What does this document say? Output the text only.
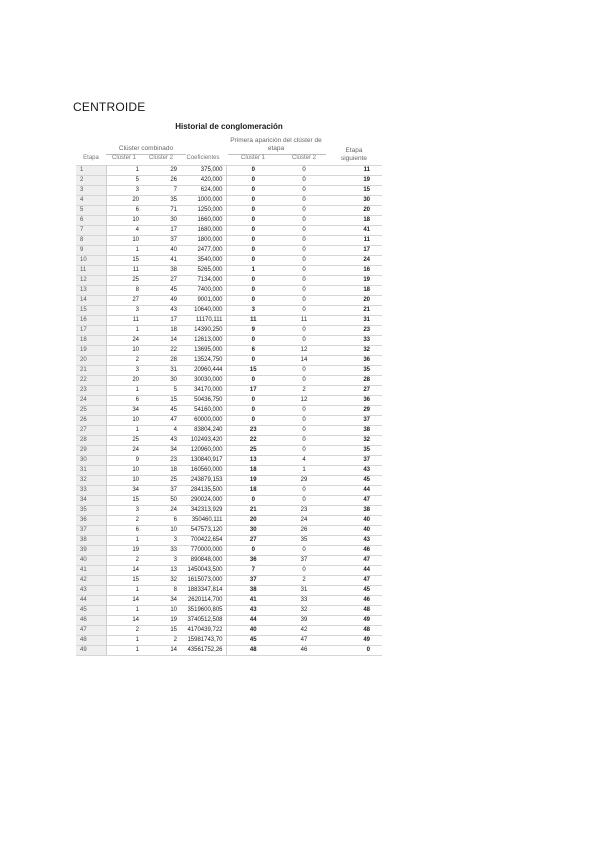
CENTROIDE
Historial de conglomeración
Clúster combinado
Primera aparición del clúster de etapa	Etapa siguiente
Etapa	Clúster 1	Clúster 2	Coeficientes	Clúster 1	Clúster 2
1	1	29	375,000	0	0	11
2	5	26	420,000	0	0	19
3	3	7	624,000	0	0	15
4	20	35	1000,000	0	0	30
5	6	71	1250,000	0	0	20
6	10	30	1660,000	0	0	18
7	4	17	1680,000	0	0	41
8	10	37	1800,000	0	0	11
9	1	40	2477,000	0	0	17
10	15	41	3540,000	0	0	24
11	11	38	5265,000	1	0	16
12	25	27	7134,000	0	0	19
13	8	45	7400,000	0	0	18
14	27	49	9001,000	0	0	20
15	3	43	10640,000	3	0	21
16	11	17	11170,111	11	11	31
17	1	18	14390,250	9	0	23
18	24	14	12613,000	0	0	33
19	10	22	13695,000	6	12	32
20	2	28	13524,750	0	14	36
21	3	31	20960,444	15	0	35
22	20	30	30030,000	0	0	28
23	1	5	34170,000	17	2	27
24	6	15	50436,750	0	12	36
25	34	45	54160,000	0	0	29
26	10	47	60000,000	0	0	37
27	1	4	83804,240	23	0	38
28	25	43	102493,420	22	0	32
29	24	34	120960,000	25	0	35
30	9	23	130840,917	13	4	37
31	10	18	160560,000	18	1	43
32	10	25	243879,153	19	29	45
33	34	37	284135,500	18	0	44
34	15	50	290024,000	0	0	47
35	3	24	342313,929	21	23	38
36	2	6	350460,111	20	24	40
37	6	10	547573,120	30	26	40
38	1	3	700422,654	27	35	43
39	19	33	770000,000	0	0	46
40	2	3	890848,000	36	37	47
41	14	13	1450043,500	7	0	44
42	15	32	1615073,000	37	2	47
43	1	8	1883347,814	38	31	45
44	14	34	2620114,700	41	33	46
45	1	10	3519600,805	43	32	48
46	14	19	3740512,508	44	39	49
47	2	15	4170439,722	40	42	48
48	1	2	15981743,70	45	47	49
49	1	14	43561752,26	48	46	0
